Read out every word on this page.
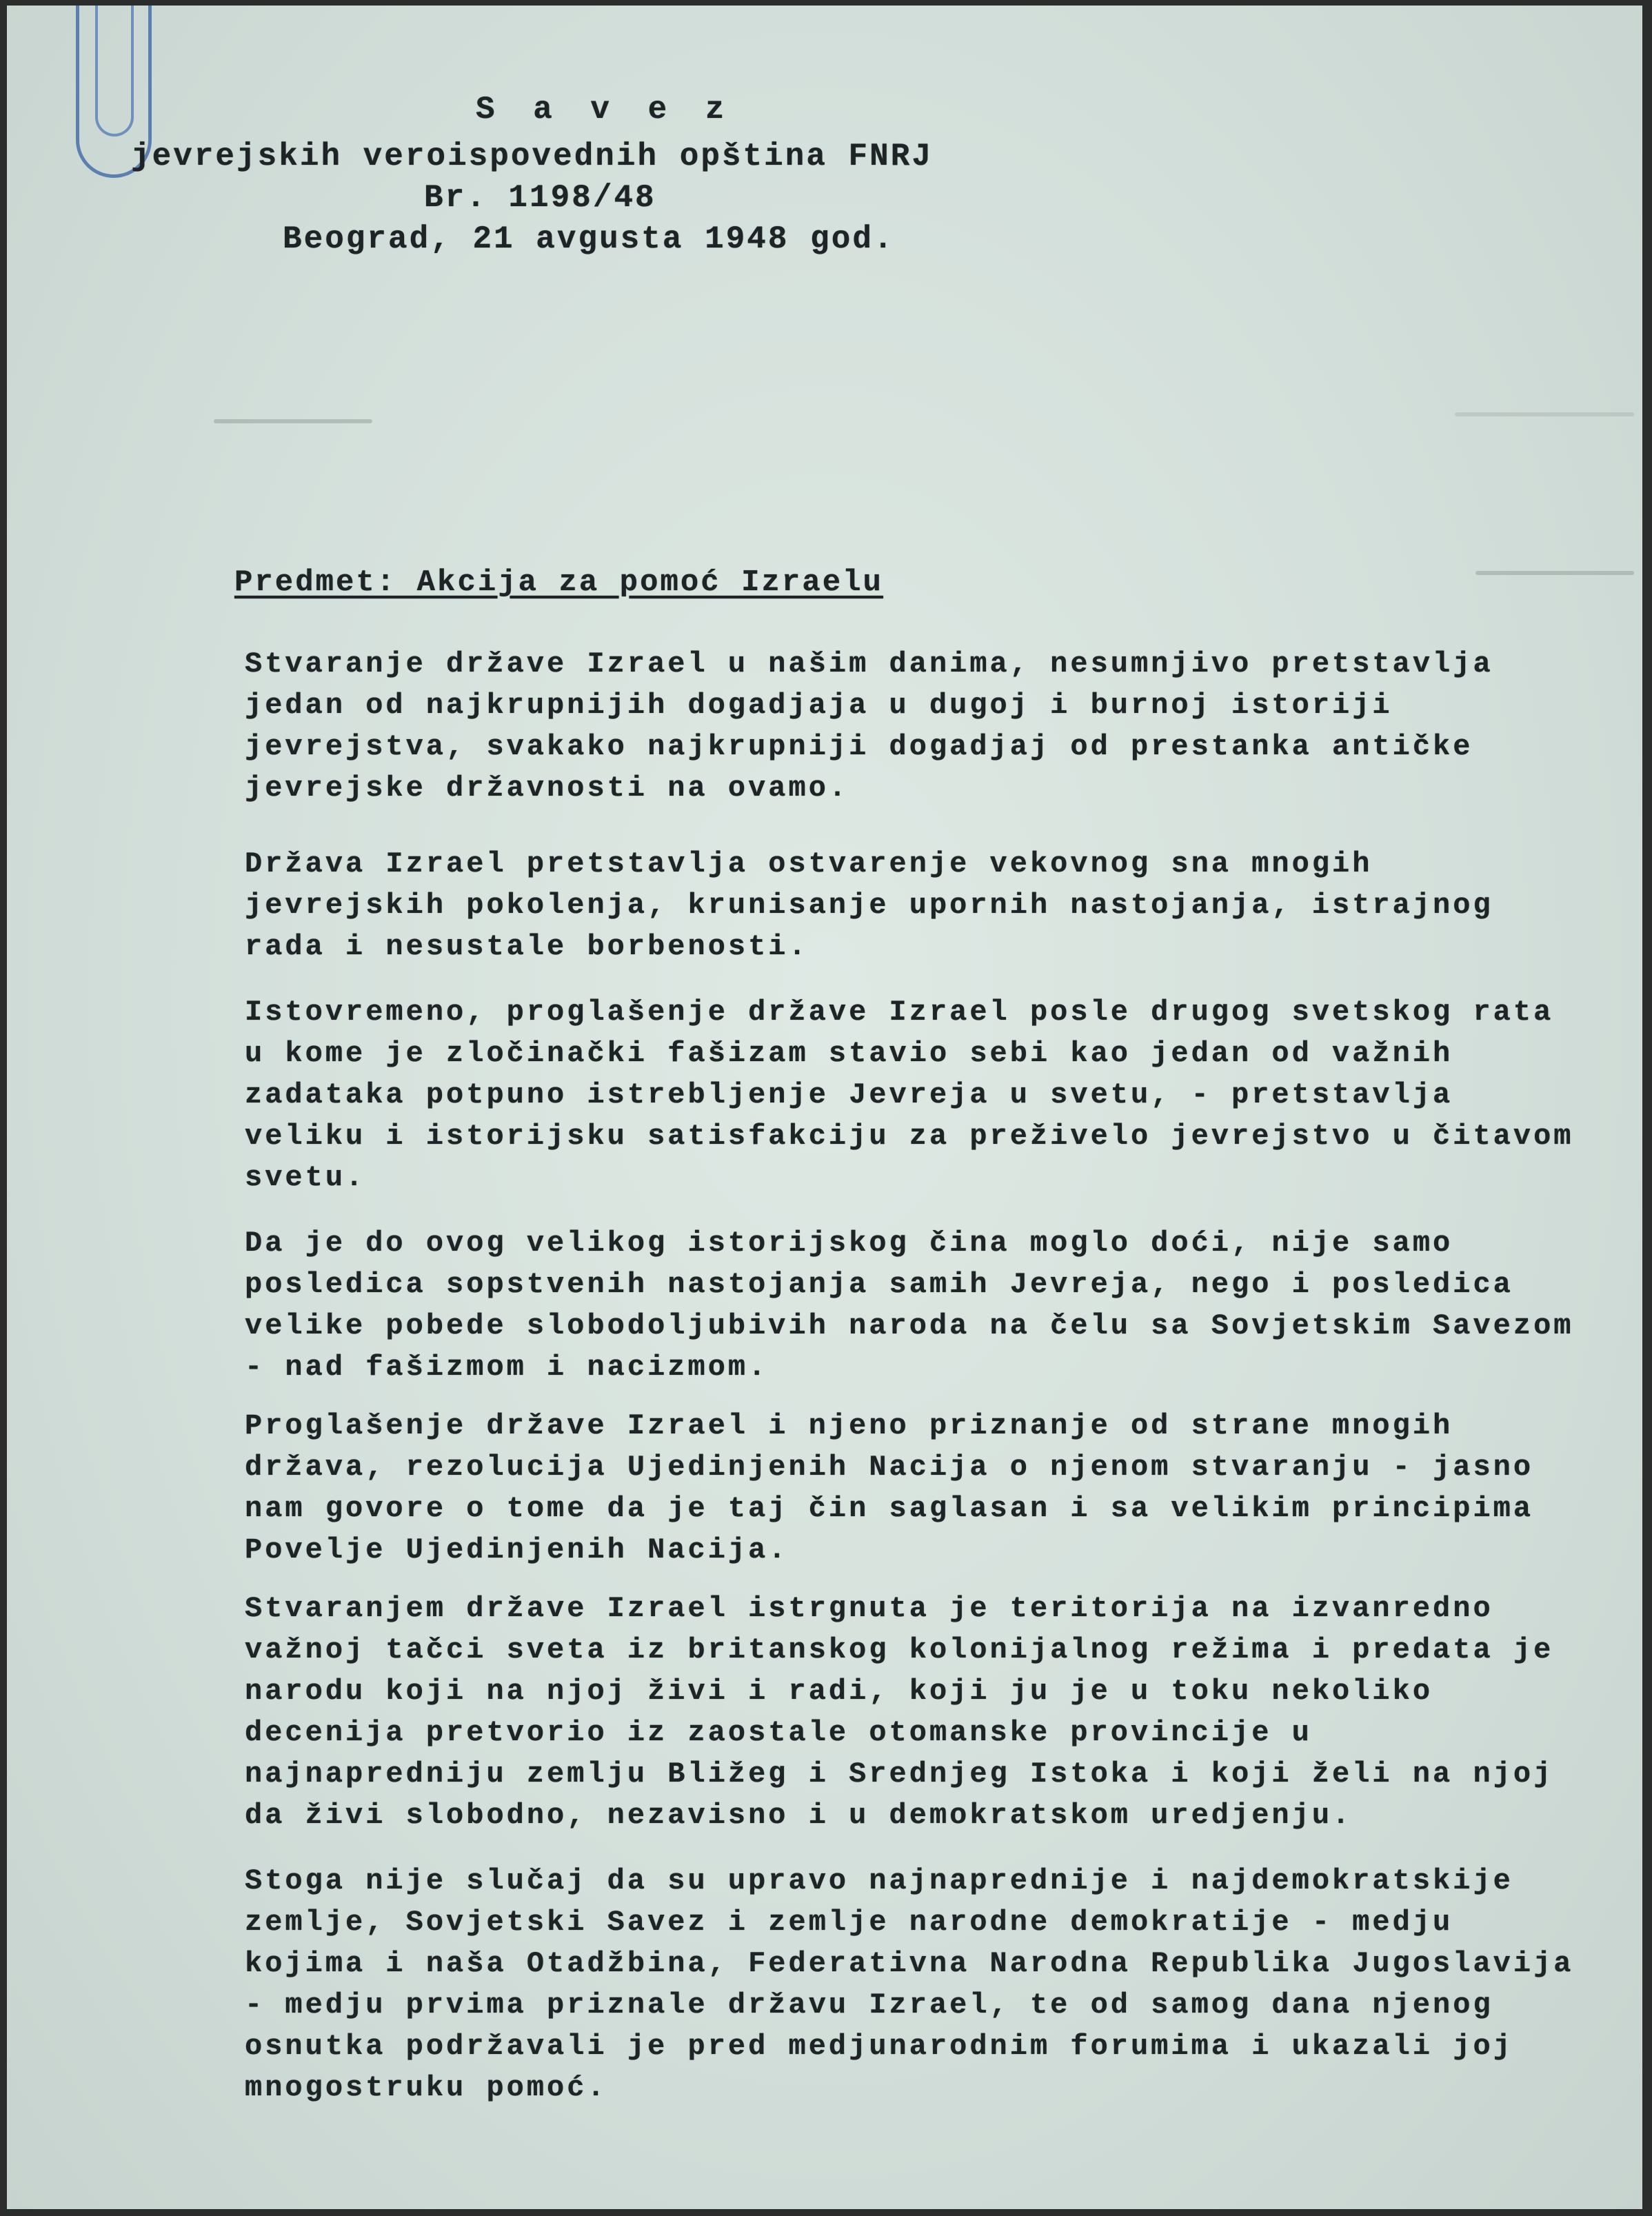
S a v e z
jevrejskih veroispovednih opština FNRJ
Br. 1198/48
Beograd, 21 avgusta 1948 god.
Predmet: Akcija za pomoć Izraelu
Stvaranje države Izrael u našim danima, nesumnjivo pretstavlja jedan od najkrupnijih dogadjaja u dugoj i burnoj istoriji jevrejstva, svakako najkrupniji dogadjaj od prestanka antičke jevrejske državnosti na ovamo.
Država Izrael pretstavlja ostvarenje vekovnog sna mnogih jevrejskih pokolenja, krunisanje upornih nastojanja, istrajnog rada i nesustale borbenosti.
Istovremeno, proglašenje države Izrael posle drugog svetskog rata u kome je zločinački fašizam stavio sebi kao jedan od važnih zadataka potpuno istrebljenje Jevreja u svetu, - pretstavlja veliku i istorijsku satisfakciju za preživelo jevrejstvo u čitavom svetu.
Da je do ovog velikog istorijskog čina moglo doći, nije samo posledica sopstvenih nastojanja samih Jevreja, nego i posledica velike pobede slobodoljubivih naroda na čelu sa Sovjetskim Savezom - nad fašizmom i nacizmom.
Proglašenje države Izrael i njeno priznanje od strane mnogih država, rezolucija Ujedinjenih Nacija o njenom stvaranju - jasno nam govore o tome da je taj čin saglasan i sa velikim principima Povelje Ujedinjenih Nacija.
Stvaranjem države Izrael istrgnuta je teritorija na izvanredno važnoj tačci sveta iz britanskog kolonijalnog režima i predata je narodu koji na njoj živi i radi, koji ju je u toku nekoliko decenija pretvorio iz zaostale otomanske provincije u najnapredniju zemlju Bližeg i Srednjeg Istoka i koji želi na njoj da živi slobodno, nezavisno i u demokratskom uredjenju.
Stoga nije slučaj da su upravo najnaprednije i najdemokratskije zemlje, Sovjetski Savez i zemlje narodne demokratije - medju kojima i naša Otadžbina, Federativna Narodna Republika Jugoslavija - medju prvima priznale državu Izrael, te od samog dana njenog osnutka podržavali je pred medjunarodnim forumima i ukazali joj mnogostruku pomoć.
